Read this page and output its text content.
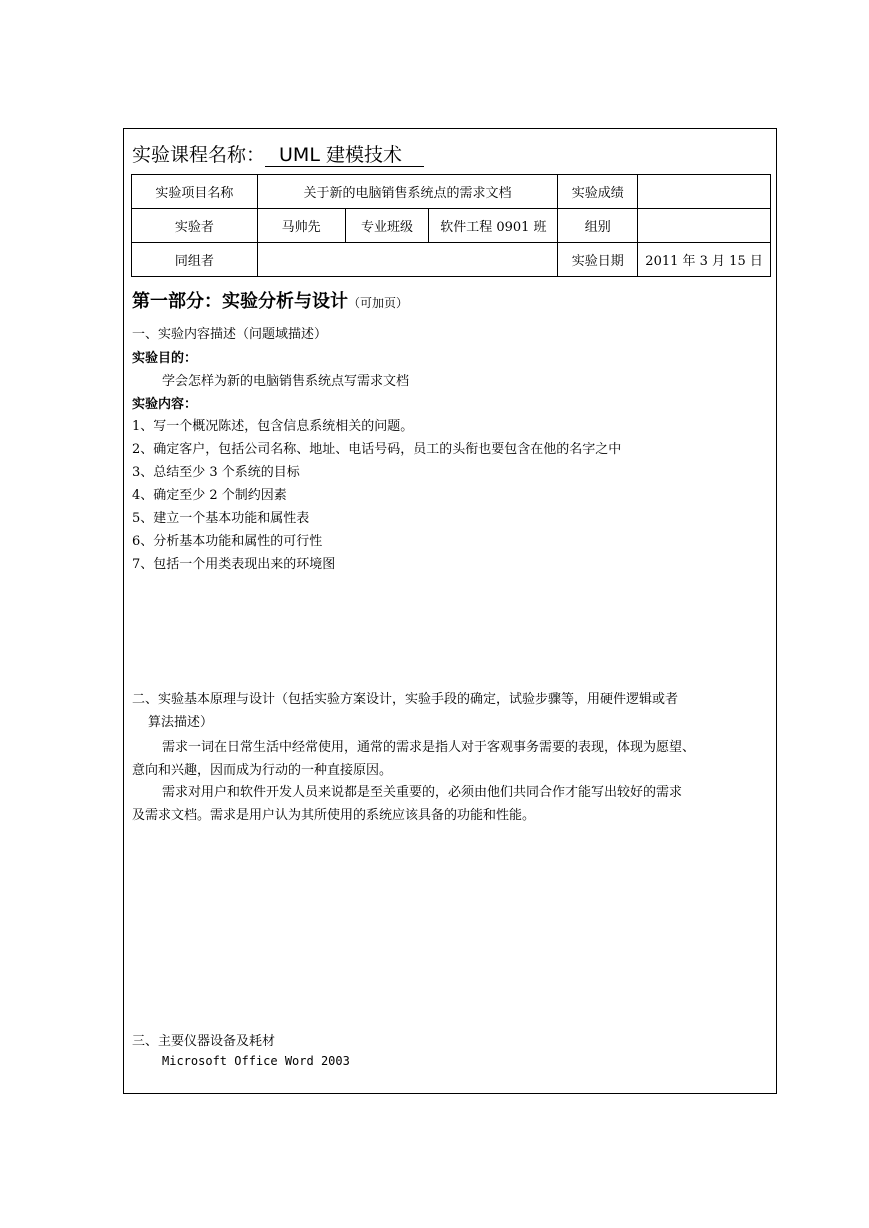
实验课程名称： UML 建模技术
实验项目名称	关于新的电脑销售系统点的需求文档			实验成绩	
实验者	马帅先	专业班级	软件工程 0901 班	组别	
同组者				实验日期	2011 年 3 月 15 日
第一部分：实验分析与设计（可加页）
一、实验内容描述（问题域描述）
实验目的：
学会怎样为新的电脑销售系统点写需求文档
实验内容：
1、写一个概况陈述，包含信息系统相关的问题。
2、确定客户，包括公司名称、地址、电话号码，员工的头衔也要包含在他的名字之中
3、总结至少 3 个系统的目标
4、确定至少 2 个制约因素
5、建立一个基本功能和属性表
6、分析基本功能和属性的可行性
7、包括一个用类表现出来的环境图
二、实验基本原理与设计（包括实验方案设计，实验手段的确定，试验步骤等，用硬件逻辑或者
算法描述）
需求一词在日常生活中经常使用，通常的需求是指人对于客观事务需要的表现，体现为愿望、
意向和兴趣，因而成为行动的一种直接原因。
需求对用户和软件开发人员来说都是至关重要的，必须由他们共同合作才能写出较好的需求
及需求文档。需求是用户认为其所使用的系统应该具备的功能和性能。
三、主要仪器设备及耗材
Microsoft Office Word 2003
